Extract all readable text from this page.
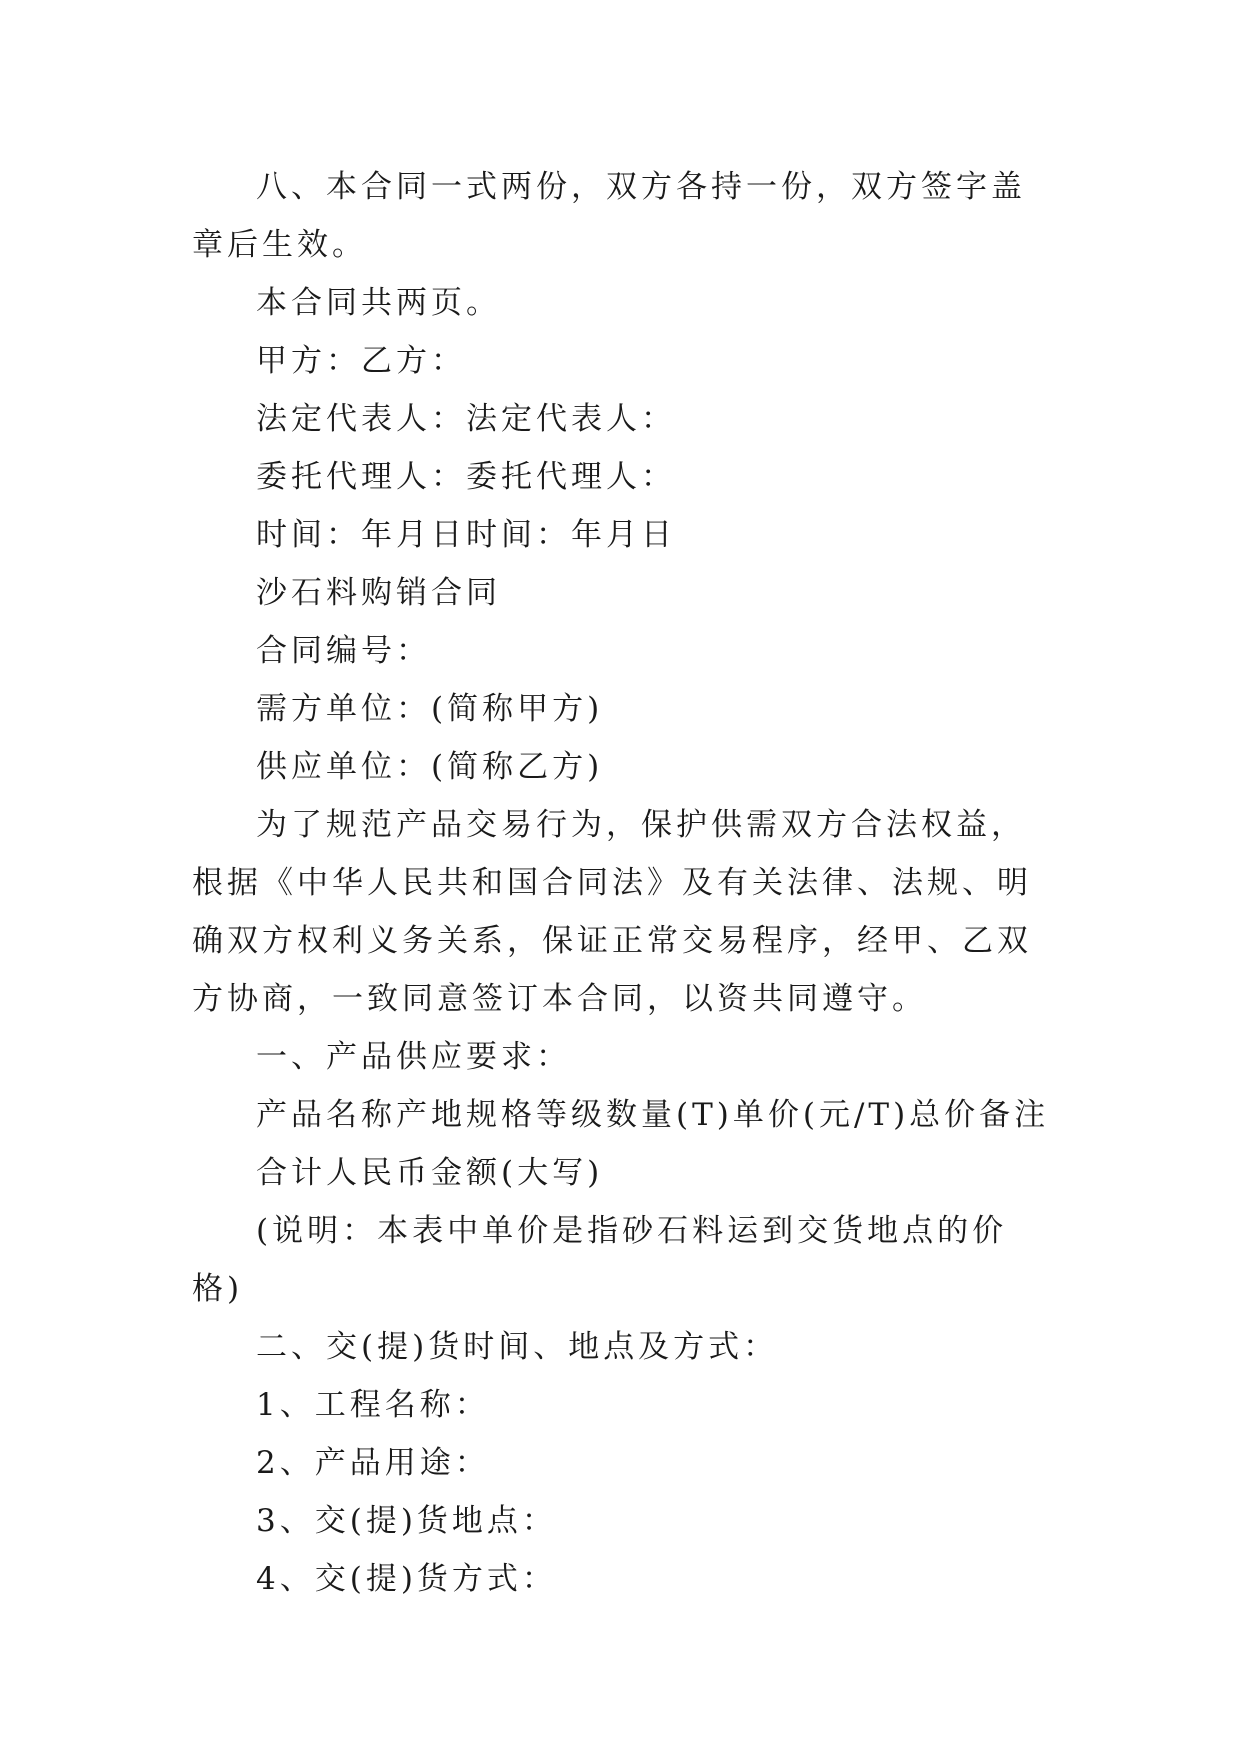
八、本合同一式两份，双方各持一份，双方签字盖章后生效。

本合同共两页。

甲方：乙方：

法定代表人：法定代表人：

委托代理人：委托代理人：

时间：年月日时间：年月日

沙石料购销合同

合同编号：

需方单位：(简称甲方)

供应单位：(简称乙方)

为了规范产品交易行为，保护供需双方合法权益，根据《中华人民共和国合同法》及有关法律、法规、明确双方权利义务关系，保证正常交易程序，经甲、乙双方协商，一致同意签订本合同，以资共同遵守。

一、产品供应要求：

产品名称产地规格等级数量(T)单价(元/T)总价备注

合计人民币金额(大写)

(说明：本表中单价是指砂石料运到交货地点的价格)

二、交(提)货时间、地点及方式：

1、工程名称：

2、产品用途：

3、交(提)货地点：

4、交(提)货方式：
